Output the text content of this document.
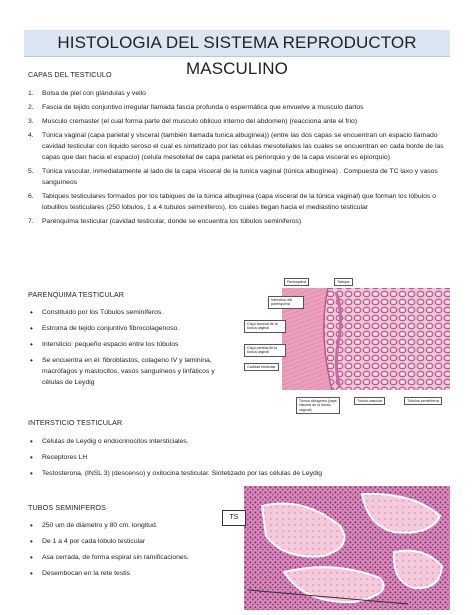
HISTOLOGIA DEL SISTEMA REPRODUCTOR MASCULINO
CAPAS DEL TESTICULO
1. Bolsa de piel con glándulas y vello
2. Fascia de tejido conjuntivo irregular llamada fascia profunda o espermática que envuelve a musculo dartos
3. Musculo cremaster (el cual forma parte del musculo oblicuo interno del abdomen) (reacciona ante el frio)
4. Túnica vaginal (capa parietal y visceral (también llamada tunica albuginea)) (entre las dos capas se encuentran un espacio llamado cavidad testicular con liquido seroso el cual es sintetizado por las células mesoteliales las cuales se encuentran en cada borde de las capas que dan hacia el espacio) (celula mesotelial de capa parietal es periorquio y de la capa visceral es epiorquio)
5. Túnica vascular, inmediatamente al lado de la capa visceral de la tunica vaginal (túnica albugínea) . Compuesta de TC laxo y vasos sanguíneos
6. Tabiques testiculares formados por los tabiques de la túnica albugínea (capa visceral de la túnica vaginal) que forman los lóbulos o lobulillos testiculares (250 lobulos, 1 a 4 tubulos seminiferos), los cuales llegan hacia el mediastino testicular
7. Parénquima testicular (cavidad testicular, donde se encuentra los túbulos seminiferos)
PARENQUIMA TESTICULAR
• Constituido por los Túbulos seminíferos.
• Estroma de tejido conjuntivo fibrocolagenoso.
• Intersticio: pequeño espacio entre los túbulos
• Se encuentra en él: fibroblastos, colageno IV y laminina, macrófagos y mastocitos, vasos sanguíneos y linfáticos y células de Leydig
Parénquima	Tabique
Intersticio del parénquima
Capa visceral de la túnica vaginal
Capa parietal de la túnica vaginal
Cavidad testicular
Túnica albugínea (capa visceral de la túnica vaginal)
Túnica vascular	Túbulos seminíferos
INTERSTICIO TESTICULAR
• Células de Leydig o endocrinocitos intersticiales.
• Receptores LH
• Testosterona, (INSL 3) (descenso) y oxitocina testicular. Sintetizado por las células de Leydig
TUBOS SEMINIFEROS
• 250 um de diámetro y 80 cm. longitud.
• De 1 a 4 por cada lóbulo testicular
• Asa cerrada, de forma espiral sin ramificaciones.
• Desembocan en la rete testis
TS
